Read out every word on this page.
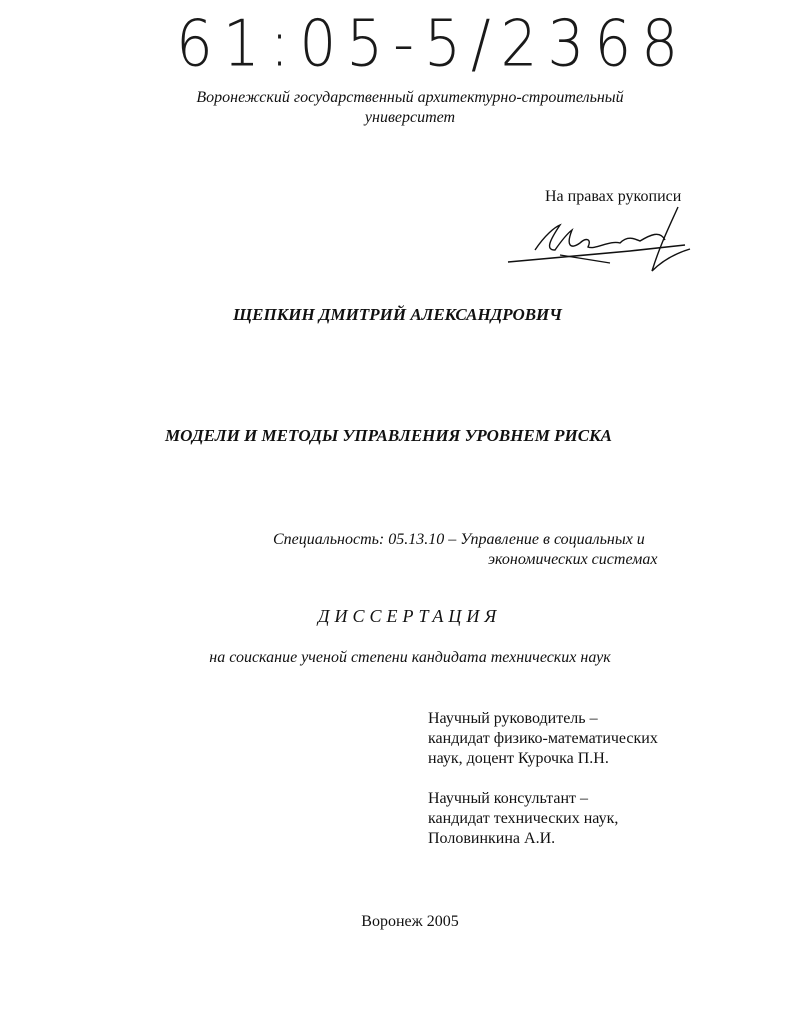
61:05-5/2368
Воронежский государственный архитектурно-строительный
университет
На правах рукописи
ЩЕПКИН ДМИТРИЙ АЛЕКСАНДРОВИЧ
МОДЕЛИ И МЕТОДЫ УПРАВЛЕНИЯ УРОВНЕМ РИСКА
Специальность: 05.13.10 – Управление в социальных и
экономических системах
ДИССЕРТАЦИЯ
на соискание ученой степени кандидата технических наук
Научный руководитель –
кандидат физико-математических
наук, доцент Курочка П.Н.
Научный консультант –
кандидат технических наук,
Половинкина А.И.
Воронеж 2005
